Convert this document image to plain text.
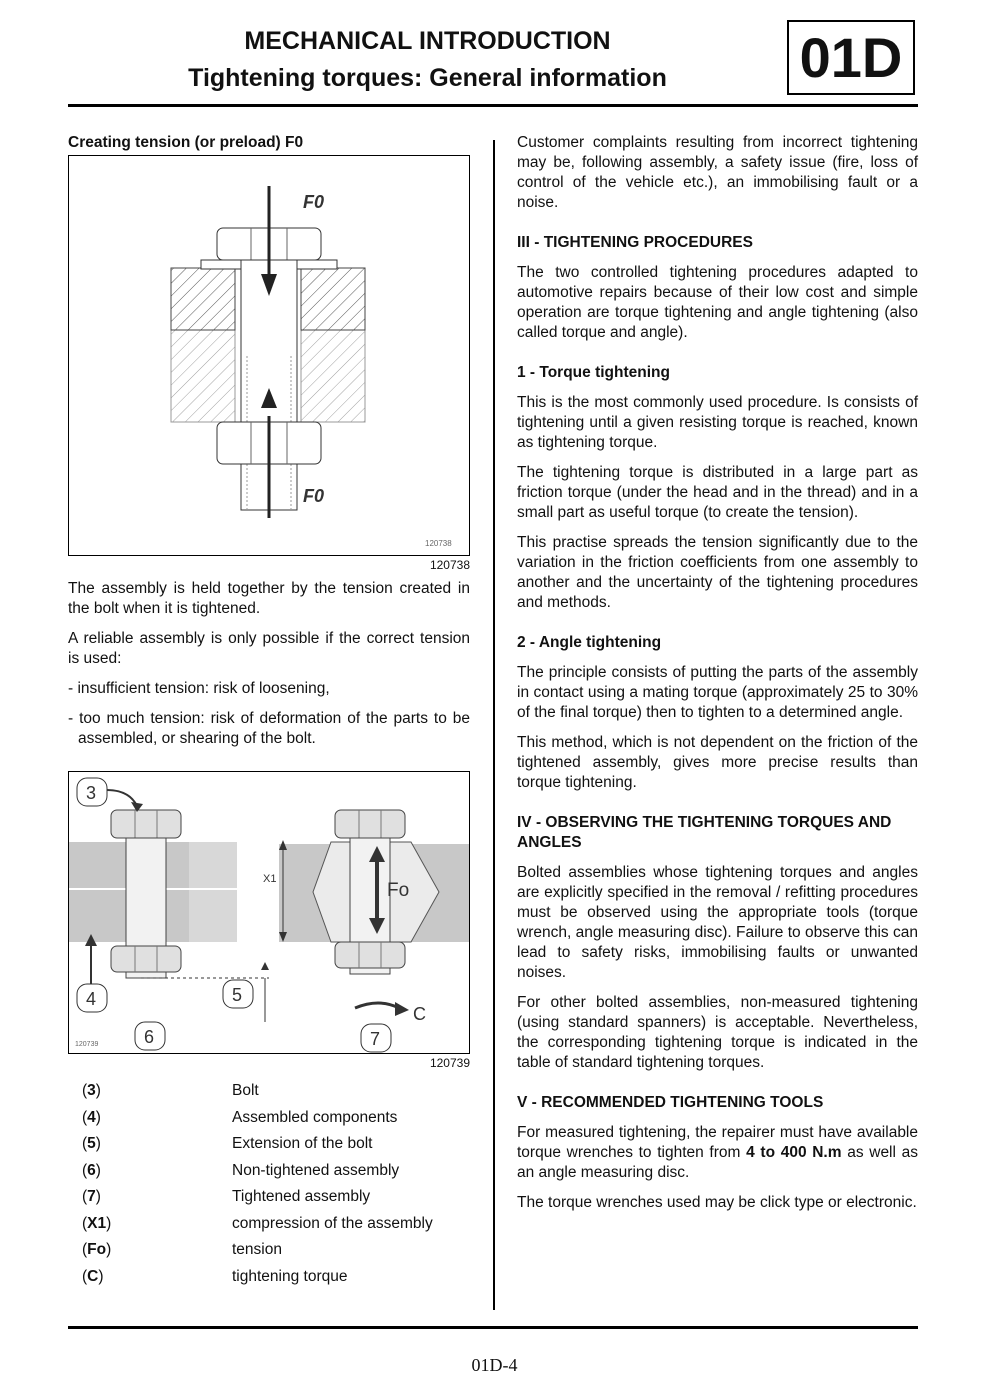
MECHANICAL INTRODUCTION
Tightening torques: General information	01D
Creating tension (or preload) F0
F0
F0
120738
120738

The assembly is held together by the tension created in the bolt when it is tightened.

A reliable assembly is only possible if the correct tension is used:

- insufficient tension: risk of loosening,

- too much tension: risk of deformation of the parts to be assembled, or shearing of the bolt.

X1
Fo
3
4	5
6
C
7
120739
120739
(3)	Bolt
(4)	Assembled components
(5)	Extension of the bolt
(6)	Non-tightened assembly
(7)	Tightened assembly
(X1)	compression of the assembly
(Fo)	tension
(C)	tightening torque

Customer complaints resulting from incorrect tightening may be, following assembly, a safety issue (fire, loss of control of the vehicle etc.), an immobilising fault or a noise.

III - TIGHTENING PROCEDURES

The two controlled tightening procedures adapted to automotive repairs because of their low cost and simple operation are torque tightening and angle tightening (also called torque and angle).

1 - Torque tightening

This is the most commonly used procedure. Is consists of tightening until a given resisting torque is reached, known as tightening torque.

The tightening torque is distributed in a large part as friction torque (under the head and in the thread) and in a small part as useful torque (to create the tension).

This practise spreads the tension significantly due to the variation in the friction coefficients from one assembly to another and the uncertainty of the tightening procedures and methods.

2 - Angle tightening

The principle consists of putting the parts of the assembly in contact using a mating torque (approximately 25 to 30% of the final torque) then to tighten to a determined angle.

This method, which is not dependent on the friction of the tightened assembly, gives more precise results than torque tightening.

IV - OBSERVING THE TIGHTENING TORQUES AND ANGLES

Bolted assemblies whose tightening torques and angles are explicitly specified in the removal / refitting procedures must be observed using the appropriate tools (torque wrench, angle measuring disc). Failure to observe this can lead to safety risks, immobilising faults or unwanted noises.

For other bolted assemblies, non-measured tightening (using standard spanners) is acceptable. Nevertheless, the corresponding tightening torque is indicated in the table of standard tightening torques.

V - RECOMMENDED TIGHTENING TOOLS

For measured tightening, the repairer must have available torque wrenches to tighten from 4 to 400 N.m as well as an angle measuring disc.

The torque wrenches used may be click type or electronic.

01D-4
